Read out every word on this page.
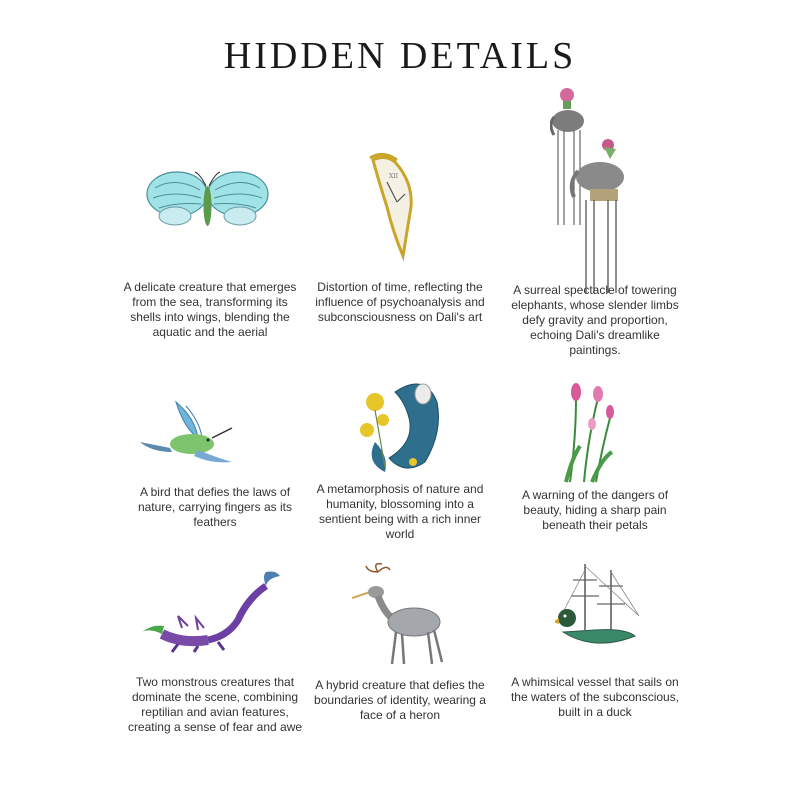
HIDDEN DETAILS
XII
A delicate creature that emerges from the sea, transforming its shells into wings, blending the aquatic and the aerial
Distortion of time, reflecting the influence of psychoanalysis and subconsciousness on Dali's art
A surreal spectacle of towering elephants, whose slender limbs defy gravity and proportion, echoing Dali's dreamlike paintings.
A bird that defies the laws of nature, carrying fingers as its feathers
A metamorphosis of nature and humanity, blossoming into a sentient being with a rich inner world
A warning of the dangers of beauty, hiding a sharp pain beneath their petals
Two monstrous creatures that dominate the scene, combining reptilian and avian features, creating a sense of fear and awe
A hybrid creature that defies the boundaries of identity, wearing a face of a heron
A whimsical vessel that sails on the waters of the subconscious, built in a duck
